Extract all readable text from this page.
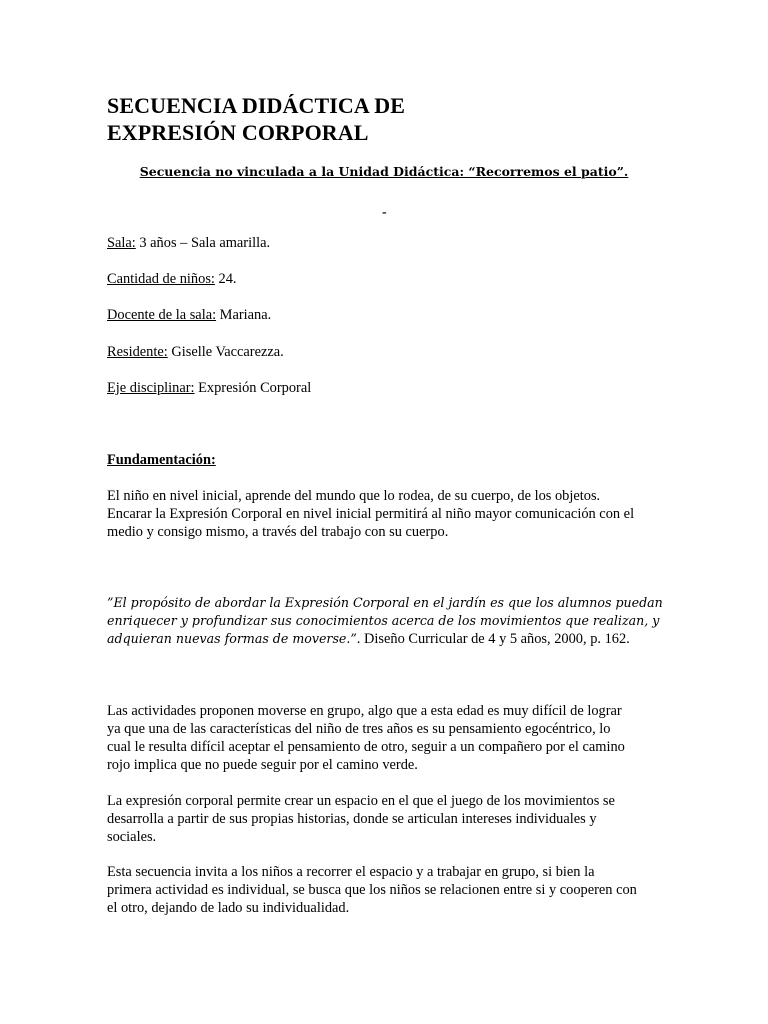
SECUENCIA DIDÁCTICA DE
EXPRESIÓN CORPORAL
Secuencia no vinculada a la Unidad Didáctica: “Recorremos el patio”.
-
Sala: 3 años – Sala amarilla.
Cantidad de niños: 24.
Docente de la sala: Mariana.
Residente: Giselle Vaccarezza.
Eje disciplinar: Expresión Corporal
Fundamentación:
El niño en nivel inicial, aprende del mundo que lo rodea, de su cuerpo, de los objetos.
Encarar la Expresión Corporal en nivel inicial permitirá al niño mayor comunicación con el
medio y consigo mismo, a través del trabajo con su cuerpo.
”El propósito de abordar la Expresión Corporal en el jardín es que los alumnos puedan
enriquecer y profundizar sus conocimientos acerca de los movimientos que realizan, y
adquieran nuevas formas de moverse.”. Diseño Curricular de 4 y 5 años, 2000, p. 162.
Las actividades proponen moverse en grupo, algo que a esta edad es muy difícil de lograr
ya que una de las características del niño de tres años es su pensamiento egocéntrico, lo
cual le resulta difícil aceptar el pensamiento de otro, seguir a un compañero por el camino
rojo implica que no puede seguir por el camino verde.
La expresión corporal permite crear un espacio en el que el juego de los movimientos se
desarrolla a partir de sus propias historias, donde se articulan intereses individuales y
sociales.
Esta secuencia invita a los niños a recorrer el espacio y a trabajar en grupo, si bien la
primera actividad es individual, se busca que los niños se relacionen entre si y cooperen con
el otro, dejando de lado su individualidad.
